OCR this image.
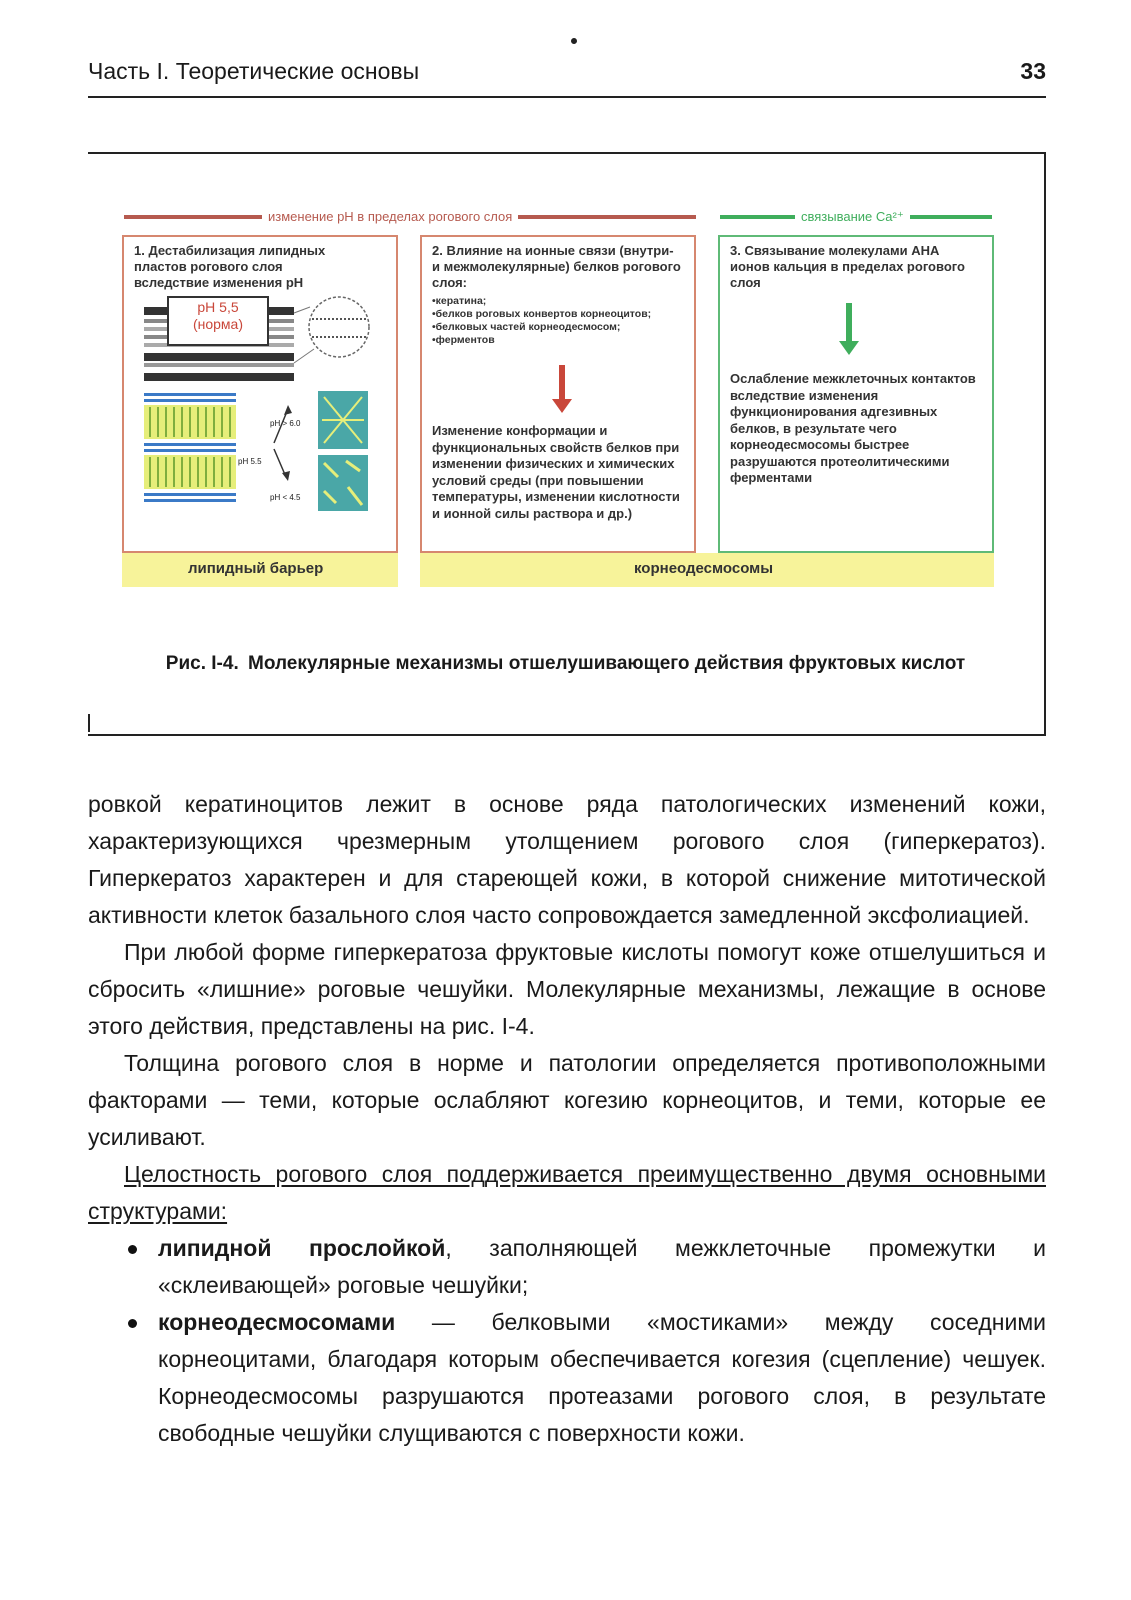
Часть I. Теоретические основы	33
изменение pH в пределах рогового слоя	связывание Ca²⁺
липидный барьер	корнеодесмосомы
1. Дестабилизация липидных пластов рогового слоя вследствие изменения pH
pH 5,5
(норма)
pH > 6.0
pH 5.5
pH < 4.5
2. Влияние на ионные связи (внутри- и межмолекулярные) белков рогового слоя:
•кератина;
•белков роговых конвертов корнеоцитов;
•белковых частей корнеодесмосом;
•ферментов
Изменение конформации и функциональных свойств белков при изменении физических и химических условий среды (при повышении температуры, изменении кислотности и ионной силы раствора и др.)
3. Связывание молекулами AHA ионов кальция в пределах рогового слоя
Ослабление межклеточных контактов вследствие изменения функционирования адгезивных белков, в результате чего корнеодесмосомы быстрее разрушаются протеолитическими ферментами
Рис. I-4. Молекулярные механизмы отшелушивающего действия фруктовых кислот

ровкой кератиноцитов лежит в основе ряда патологических изменений кожи, характеризующихся чрезмерным утолщением рогового слоя (гиперкератоз). Гиперкератоз характерен и для стареющей кожи, в которой снижение митотической активности клеток базального слоя часто сопровождается замедленной эксфолиацией.

При любой форме гиперкератоза фруктовые кислоты помогут коже отшелушиться и сбросить «лишние» роговые чешуйки. Молекулярные механизмы, лежащие в основе этого действия, представлены на рис. I-4.

Толщина рогового слоя в норме и патологии определяется противоположными факторами — теми, которые ослабляют когезию корнеоцитов, и теми, которые ее усиливают.

Целостность рогового слоя поддерживается преимущественно двумя основными структурами:

липидной прослойкой, заполняющей межклеточные промежутки и «склеивающей» роговые чешуйки;
корнеодесмосомами — белковыми «мостиками» между соседними корнеоцитами, благодаря которым обеспечивается когезия (сцепление) чешуек. Корнеодесмосомы разрушаются протеазами рогового слоя, в результате свободные чешуйки слущиваются с поверхности кожи.
